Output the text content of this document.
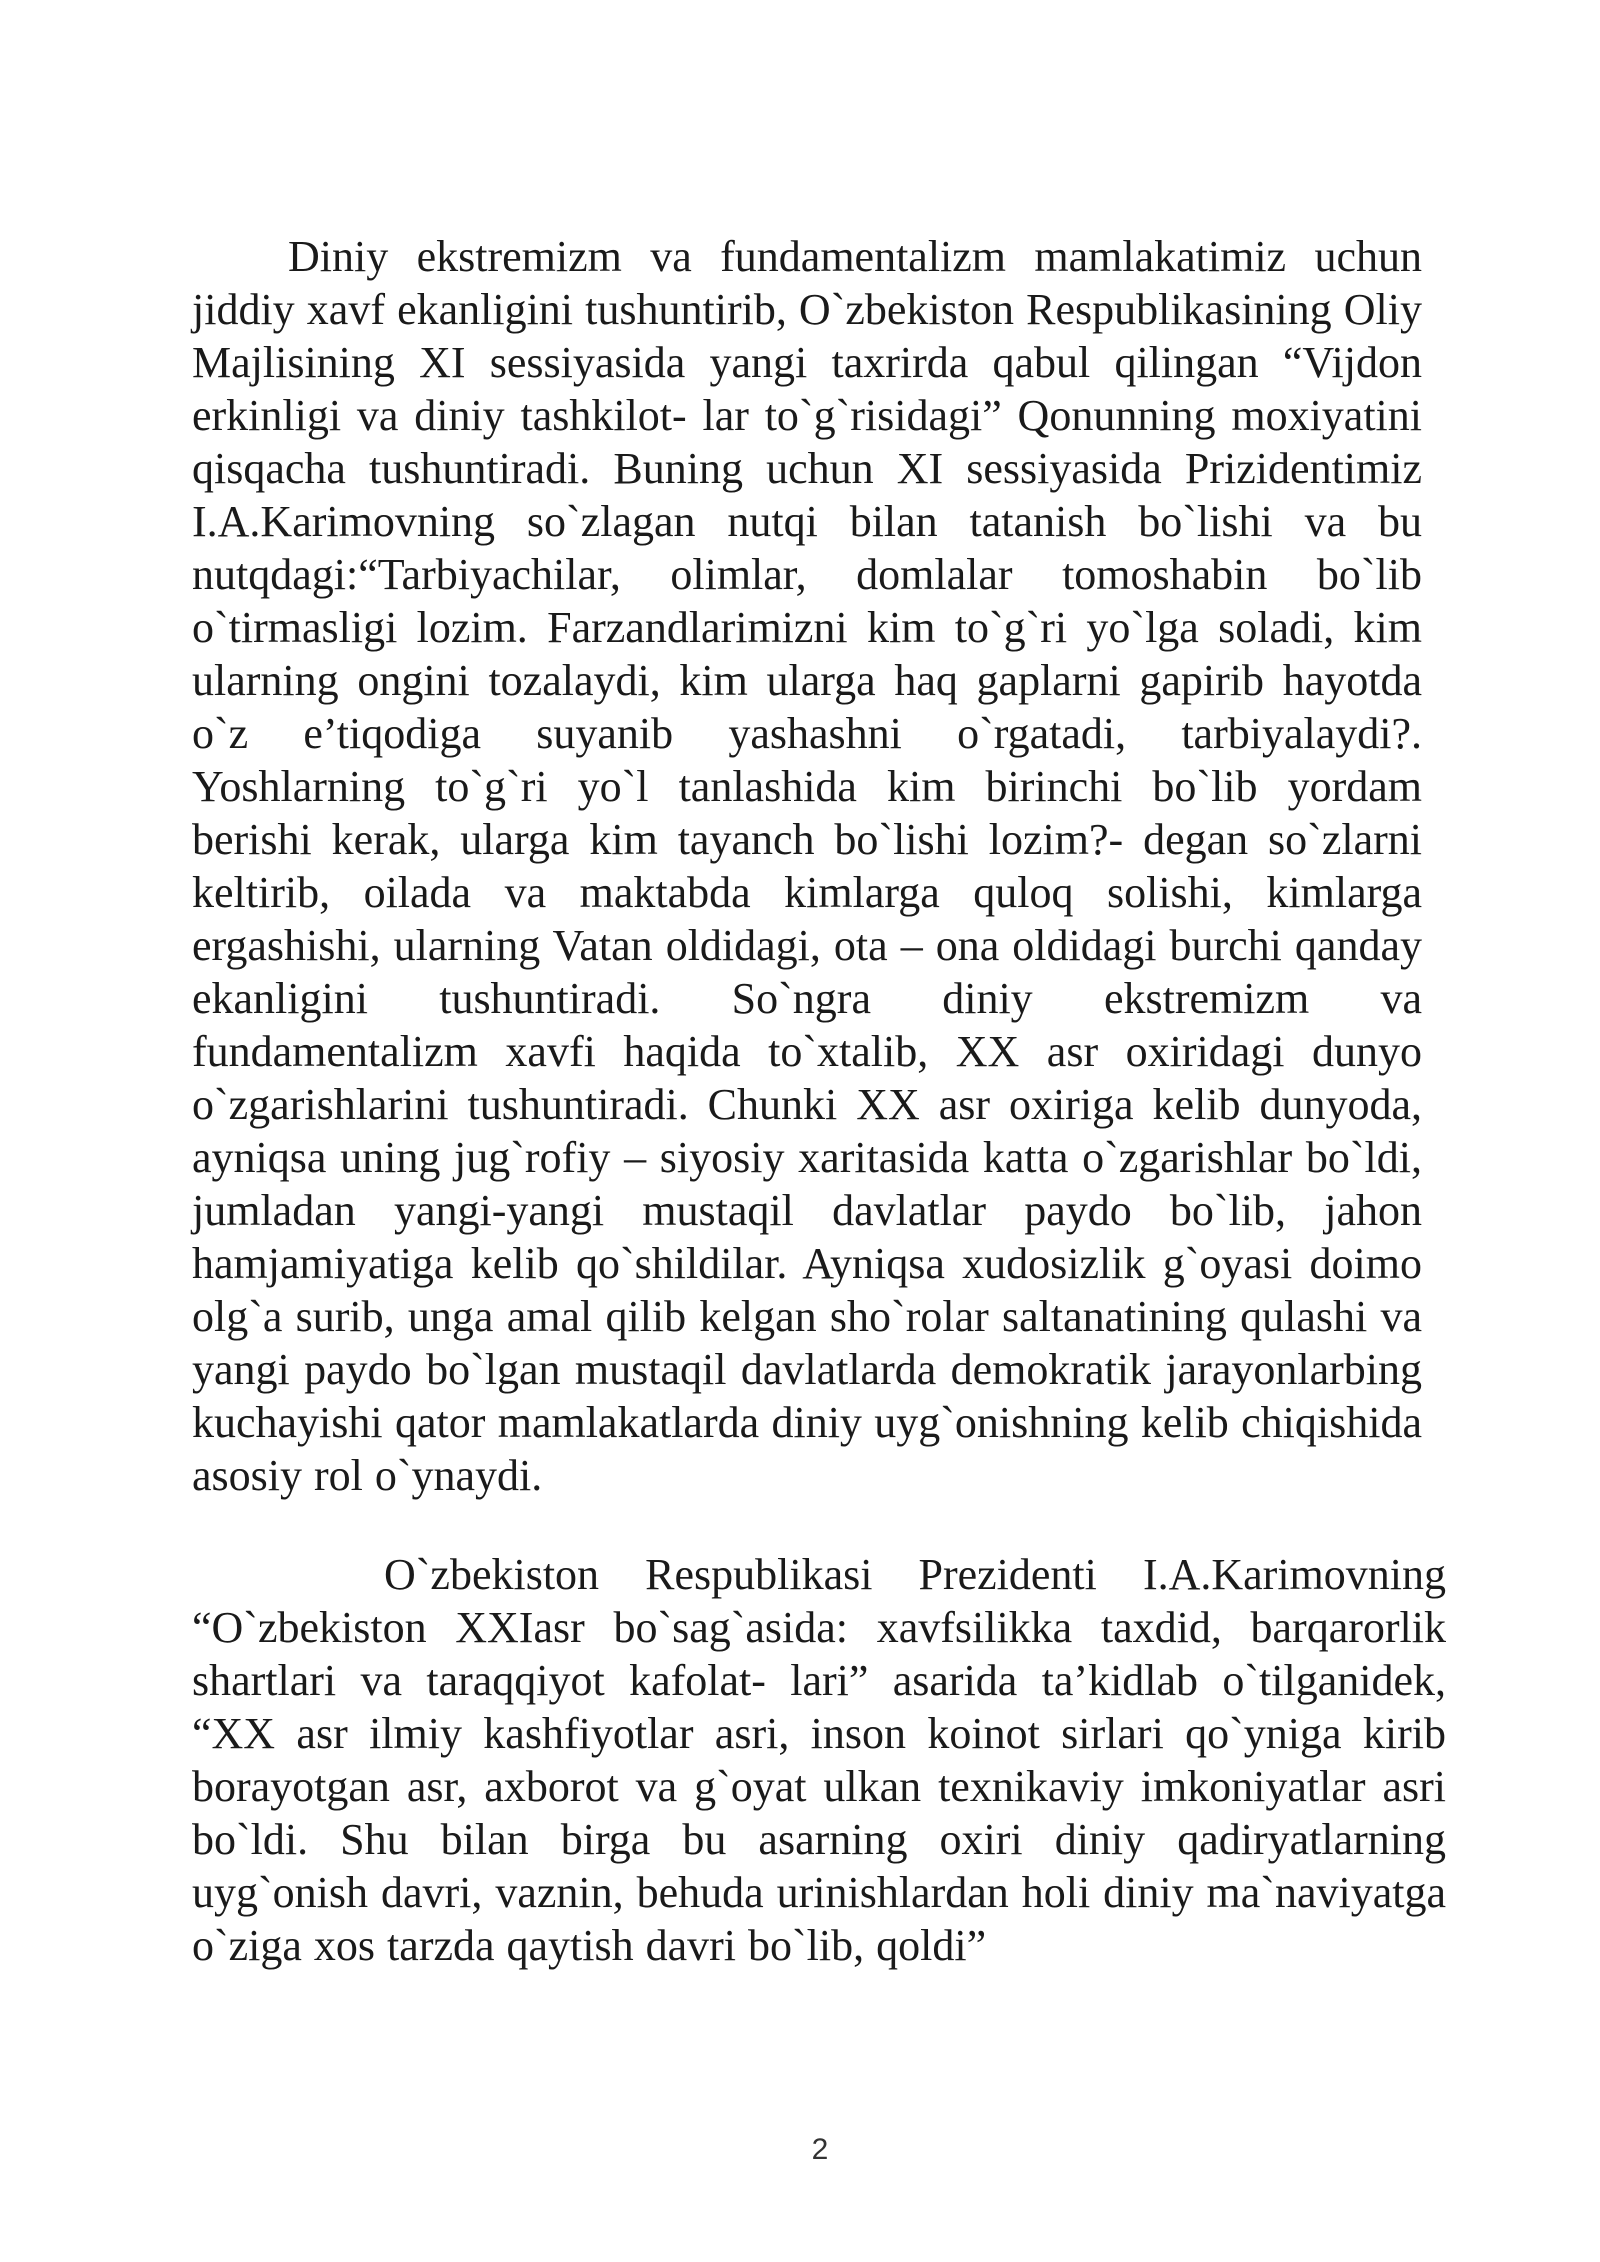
Diniy ekstremizm va fundamentalizm mamlakatimiz uchun jiddiy xavf ekanligini tushuntirib, O`zbekiston Respublikasining Oliy Majlisining XI sessiyasida yangi taxrirda qabul qilingan “Vijdon erkinligi va diniy tashkilot- lar to`g`risidagi” Qonunning moxiyatini qisqacha tushuntiradi. Buning uchun XI sessiyasida Prizidentimiz I.A.Karimovning so`zlagan nutqi bilan tatanish bo`lishi va bu nutqdagi:“Tarbiyachilar, olimlar, domlalar tomoshabin bo`lib o`tirmasligi lozim. Farzandlarimizni kim to`g`ri yo`lga soladi, kim ularning ongini tozalaydi, kim ularga haq gaplarni gapirib hayotda o`z e’tiqodiga suyanib yashashni o`rgatadi, tarbiyalaydi?. Yoshlarning to`g`ri yo`l tanlashida kim birinchi bo`lib yordam berishi kerak, ularga kim tayanch bo`lishi lozim?- degan so`zlarni keltirib, oilada va maktabda kimlarga quloq solishi, kimlarga ergashishi, ularning Vatan oldidagi, ota – ona oldidagi burchi qanday ekanligini tushuntiradi. So`ngra diniy ekstremizm va fundamentalizm xavfi haqida to`xtalib, XX asr oxiridagi dunyo o`zgarishlarini tushuntiradi. Chunki XX asr oxiriga kelib dunyoda, ayniqsa uning jug`rofiy – siyosiy xaritasida katta o`zgarishlar bo`ldi, jumladan yangi-yangi mustaqil davlatlar paydo bo`lib, jahon hamjamiyatiga kelib qo`shildilar. Ayniqsa xudosizlik g`oyasi doimo olg`a surib, unga amal qilib kelgan sho`rolar saltanatining qulashi va yangi paydo bo`lgan mustaqil davlatlarda demokratik jarayonlarbing kuchayishi qator mamlakatlarda diniy uyg`onishning kelib chiqishida asosiy rol o`ynaydi.

O`zbekiston Respublikasi Prezidenti I.A.Karimovning “O`zbekiston XXIasr bo`sag`asida: xavfsilikka taxdid, barqarorlik shartlari va taraqqiyot kafolat- lari” asarida ta’kidlab o`tilganidek, “XX asr ilmiy kashfiyotlar asri, inson koinot sirlari qo`yniga kirib borayotgan asr, axborot va g`oyat ulkan texnikaviy imkoniyatlar asri bo`ldi. Shu bilan birga bu asarning oxiri diniy qadiryatlarning uyg`onish davri, vaznin, behuda urinishlardan holi diniy ma`naviyatga o`ziga xos tarzda qaytish davri bo`lib, qoldi”

2
